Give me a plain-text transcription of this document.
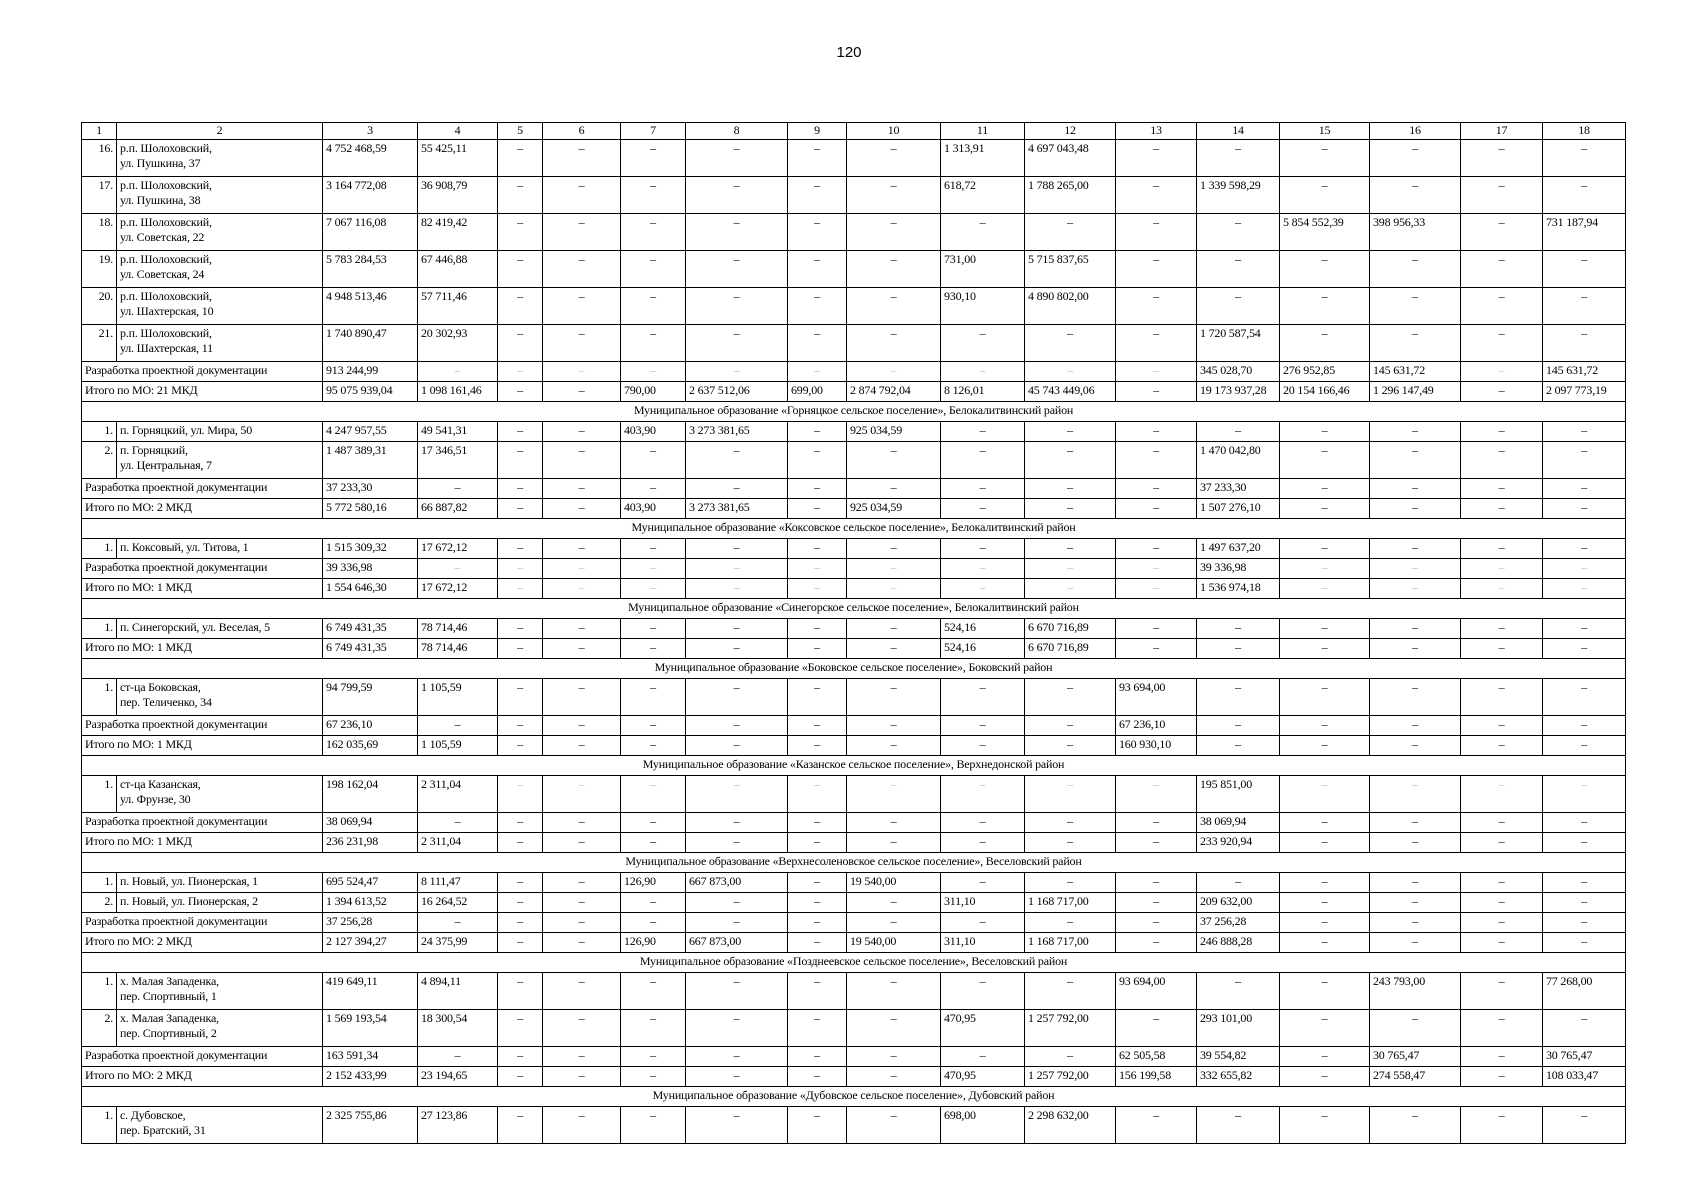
120
1	2	3	4	5	6	7	8	9	10	11	12	13	14	15	16	17	18
16.	р.п. Шолоховский,
ул. Пушкина, 37	4 752 468,59	55 425,11	–	–	–	–	–	–	1 313,91	4 697 043,48	–	–	–	–	–	–
17.	р.п. Шолоховский,
ул. Пушкина, 38	3 164 772,08	36 908,79	–	–	–	–	–	–	618,72	1 788 265,00	–	1 339 598,29	–	–	–	–
18.	р.п. Шолоховский,
ул. Советская, 22	7 067 116,08	82 419,42	–	–	–	–	–	–	–	–	–	–	5 854 552,39	398 956,33	–	731 187,94
19.	р.п. Шолоховский,
ул. Советская, 24	5 783 284,53	67 446,88	–	–	–	–	–	–	731,00	5 715 837,65	–	–	–	–	–	–
20.	р.п. Шолоховский,
ул. Шахтерская, 10	4 948 513,46	57 711,46	–	–	–	–	–	–	930,10	4 890 802,00	–	–	–	–	–	–
21.	р.п. Шолоховский,
ул. Шахтерская, 11	1 740 890,47	20 302,93	–	–	–	–	–	–	–	–	–	1 720 587,54	–	–	–	–
Разработка проектной документации		913 244,99	–	–	–	–	–	–	–	–	–	–	345 028,70	276 952,85	145 631,72	–	145 631,72
Итого по МО: 21 МКД		95 075 939,04	1 098 161,46	–	–	790,00	2 637 512,06	699,00	2 874 792,04	8 126,01	45 743 449,06	–	19 173 937,28	20 154 166,46	1 296 147,49	–	2 097 773,19
Муниципальное образование «Горняцкое сельское поселение», Белокалитвинский район																	
1.	п. Горняцкий, ул. Мира, 50	4 247 957,55	49 541,31	–	–	403,90	3 273 381,65	–	925 034,59	–	–	–	–	–	–	–	–
2.	п. Горняцкий,
ул. Центральная, 7	1 487 389,31	17 346,51	–	–	–	–	–	–	–	–	–	1 470 042,80	–	–	–	–
Разработка проектной документации		37 233,30	–	–	–	–	–	–	–	–	–	–	37 233,30	–	–	–	–
Итого по МО: 2 МКД		5 772 580,16	66 887,82	–	–	403,90	3 273 381,65	–	925 034,59	–	–	–	1 507 276,10	–	–	–	–
Муниципальное образование «Коксовское сельское поселение», Белокалитвинский район																	
1.	п. Коксовый, ул. Титова, 1	1 515 309,32	17 672,12	–	–	–	–	–	–	–	–	–	1 497 637,20	–	–	–	–
Разработка проектной документации		39 336,98	–	–	–	–	–	–	–	–	–	–	39 336,98	–	–	–	–
Итого по МО: 1 МКД		1 554 646,30	17 672,12	–	–	–	–	–	–	–	–	–	1 536 974,18	–	–	–	–
Муниципальное образование «Синегорское сельское поселение», Белокалитвинский район																	
1.	п. Синегорский, ул. Веселая, 5	6 749 431,35	78 714,46	–	–	–	–	–	–	524,16	6 670 716,89	–	–	–	–	–	–
Итого по МО: 1 МКД		6 749 431,35	78 714,46	–	–	–	–	–	–	524,16	6 670 716,89	–	–	–	–	–	–
Муниципальное образование «Боковское сельское поселение», Боковский район																	
1.	ст-ца Боковская,
пер. Теличенко, 34	94 799,59	1 105,59	–	–	–	–	–	–	–	–	93 694,00	–	–	–	–	–
Разработка проектной документации		67 236,10	–	–	–	–	–	–	–	–	–	67 236,10	–	–	–	–	–
Итого по МО: 1 МКД		162 035,69	1 105,59	–	–	–	–	–	–	–	–	160 930,10	–	–	–	–	–
Муниципальное образование «Казанское сельское поселение», Верхнедонской район																	
1.	ст-ца Казанская,
ул. Фрунзе, 30	198 162,04	2 311,04	–	–	–	–	–	–	–	–	–	195 851,00	–	–	–	–
Разработка проектной документации		38 069,94	–	–	–	–	–	–	–	–	–	–	38 069,94	–	–	–	–
Итого по МО: 1 МКД		236 231,98	2 311,04	–	–	–	–	–	–	–	–	–	233 920,94	–	–	–	–
Муниципальное образование «Верхнесоленовское сельское поселение», Веселовский район																	
1.	п. Новый, ул. Пионерская, 1	695 524,47	8 111,47	–	–	126,90	667 873,00	–	19 540,00	–	–	–	–	–	–	–	–
2.	п. Новый, ул. Пионерская, 2	1 394 613,52	16 264,52	–	–	–	–	–	–	311,10	1 168 717,00	–	209 632,00	–	–	–	–
Разработка проектной документации		37 256,28	–	–	–	–	–	–	–	–	–	–	37 256,28	–	–	–	–
Итого по МО: 2 МКД		2 127 394,27	24 375,99	–	–	126,90	667 873,00	–	19 540,00	311,10	1 168 717,00	–	246 888,28	–	–	–	–
Муниципальное образование «Позднеевское сельское поселение», Веселовский район																	
1.	х. Малая Западенка,
пер. Спортивный, 1	419 649,11	4 894,11	–	–	–	–	–	–	–	–	93 694,00	–	–	243 793,00	–	77 268,00
2.	х. Малая Западенка,
пер. Спортивный, 2	1 569 193,54	18 300,54	–	–	–	–	–	–	470,95	1 257 792,00	–	293 101,00	–	–	–	–
Разработка проектной документации		163 591,34	–	–	–	–	–	–	–	–	–	62 505,58	39 554,82	–	30 765,47	–	30 765,47
Итого по МО: 2 МКД		2 152 433,99	23 194,65	–	–	–	–	–	–	470,95	1 257 792,00	156 199,58	332 655,82	–	274 558,47	–	108 033,47
Муниципальное образование «Дубовское сельское поселение», Дубовский район																	
1.	с. Дубовское,
пер. Братский, 31	2 325 755,86	27 123,86	–	–	–	–	–	–	698,00	2 298 632,00	–	–	–	–	–	–
